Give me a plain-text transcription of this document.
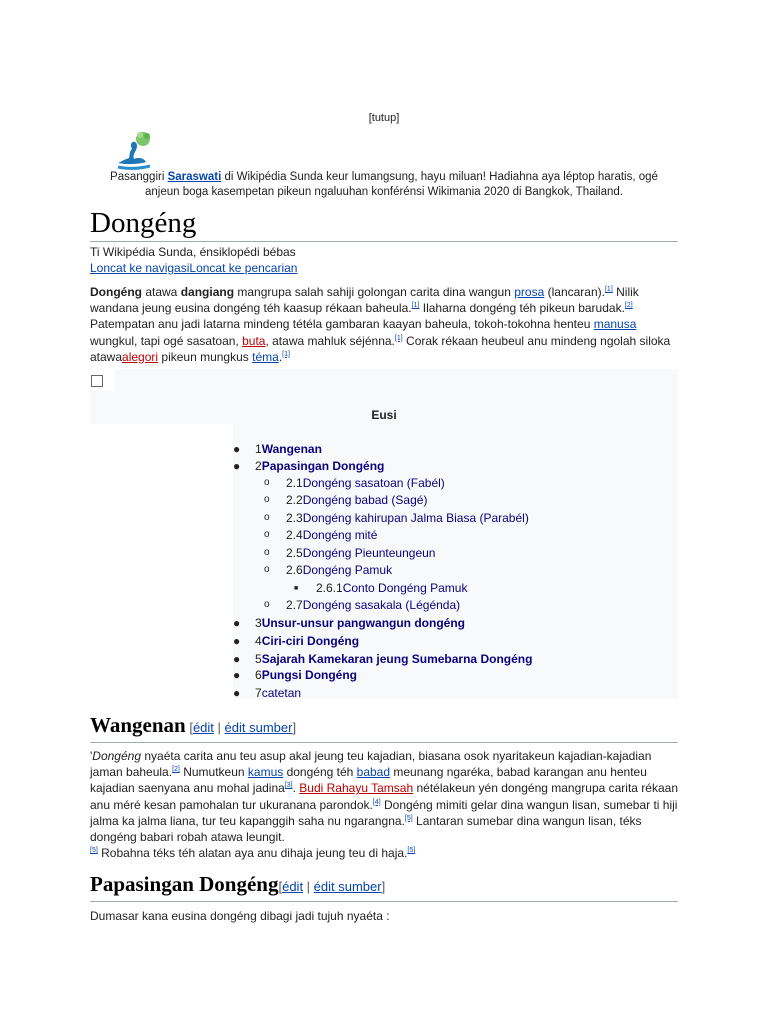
[tutup]
Pasanggiri Saraswati di Wikipédia Sunda keur lumangsung, hayu miluan! Hadiahna aya léptop haratis, ogé anjeun boga kasempetan pikeun ngaluuhan konférénsi Wikimania 2020 di Bangkok, Thailand.
Dongéng
Ti Wikipédia Sunda, énsiklopédi bébas
Loncat ke navigasiLoncat ke pencarian
Dongéng atawa dangiang mangrupa salah sahiji golongan carita dina wangun prosa (lancaran).[1] Nilik wandana jeung eusina dongéng téh kaasup rékaan baheula.[1] Ilaharna dongéng téh pikeun barudak.[2] Patempatan anu jadi latarna mindeng tétéla gambaran kaayan baheula, tokoh-tokohna henteu manusa wungkul, tapi ogé sasatoan, buta, atawa mahluk séjénna.[1] Corak rékaan heubeul anu mindeng ngolah siloka atawaalegori pikeun mungkus téma.[1]
Eusi
● 1Wangenan
● 2Papasingan Dongéng
o 2.1Dongéng sasatoan (Fabél)
o 2.2Dongéng babad (Sagé)
o 2.3Dongéng kahirupan Jalma Biasa (Parabél)
o 2.4Dongéng mité
o 2.5Dongéng Pieunteungeun
o 2.6Dongéng Pamuk
■ 2.6.1Conto Dongéng Pamuk
o 2.7Dongéng sasakala (Légénda)
● 3Unsur-unsur pangwangun dongéng
● 4Ciri-ciri Dongéng
● 5Sajarah Kamekaran jeung Sumebarna Dongéng
● 6Pungsi Dongéng
● 7catetan
Wangenan [édit | édit sumber]
'Dongéng nyaéta carita anu teu asup akal jeung teu kajadian, biasana osok nyaritakeun kajadian-kajadian jaman baheula.[2] Numutkeun kamus dongéng téh babad meunang ngaréka, babad karangan anu henteu kajadian saenyana anu mohal jadina[3]. Budi Rahayu Tamsah nétélakeun yén dongéng mangrupa carita rékaan anu méré kesan pamohalan tur ukuranana parondok.[4] Dongéng mimiti gelar dina wangun lisan, sumebar ti hiji jalma ka jalma liana, tur teu kapanggih saha nu ngarangna.[5] Lantaran sumebar dina wangun lisan, téks dongéng babari robah atawa leungit.
[5] Robahna téks téh alatan aya anu dihaja jeung teu di haja.[5]
Papasingan Dongéng[édit | édit sumber]
Dumasar kana eusina dongéng dibagi jadi tujuh nyaéta :
